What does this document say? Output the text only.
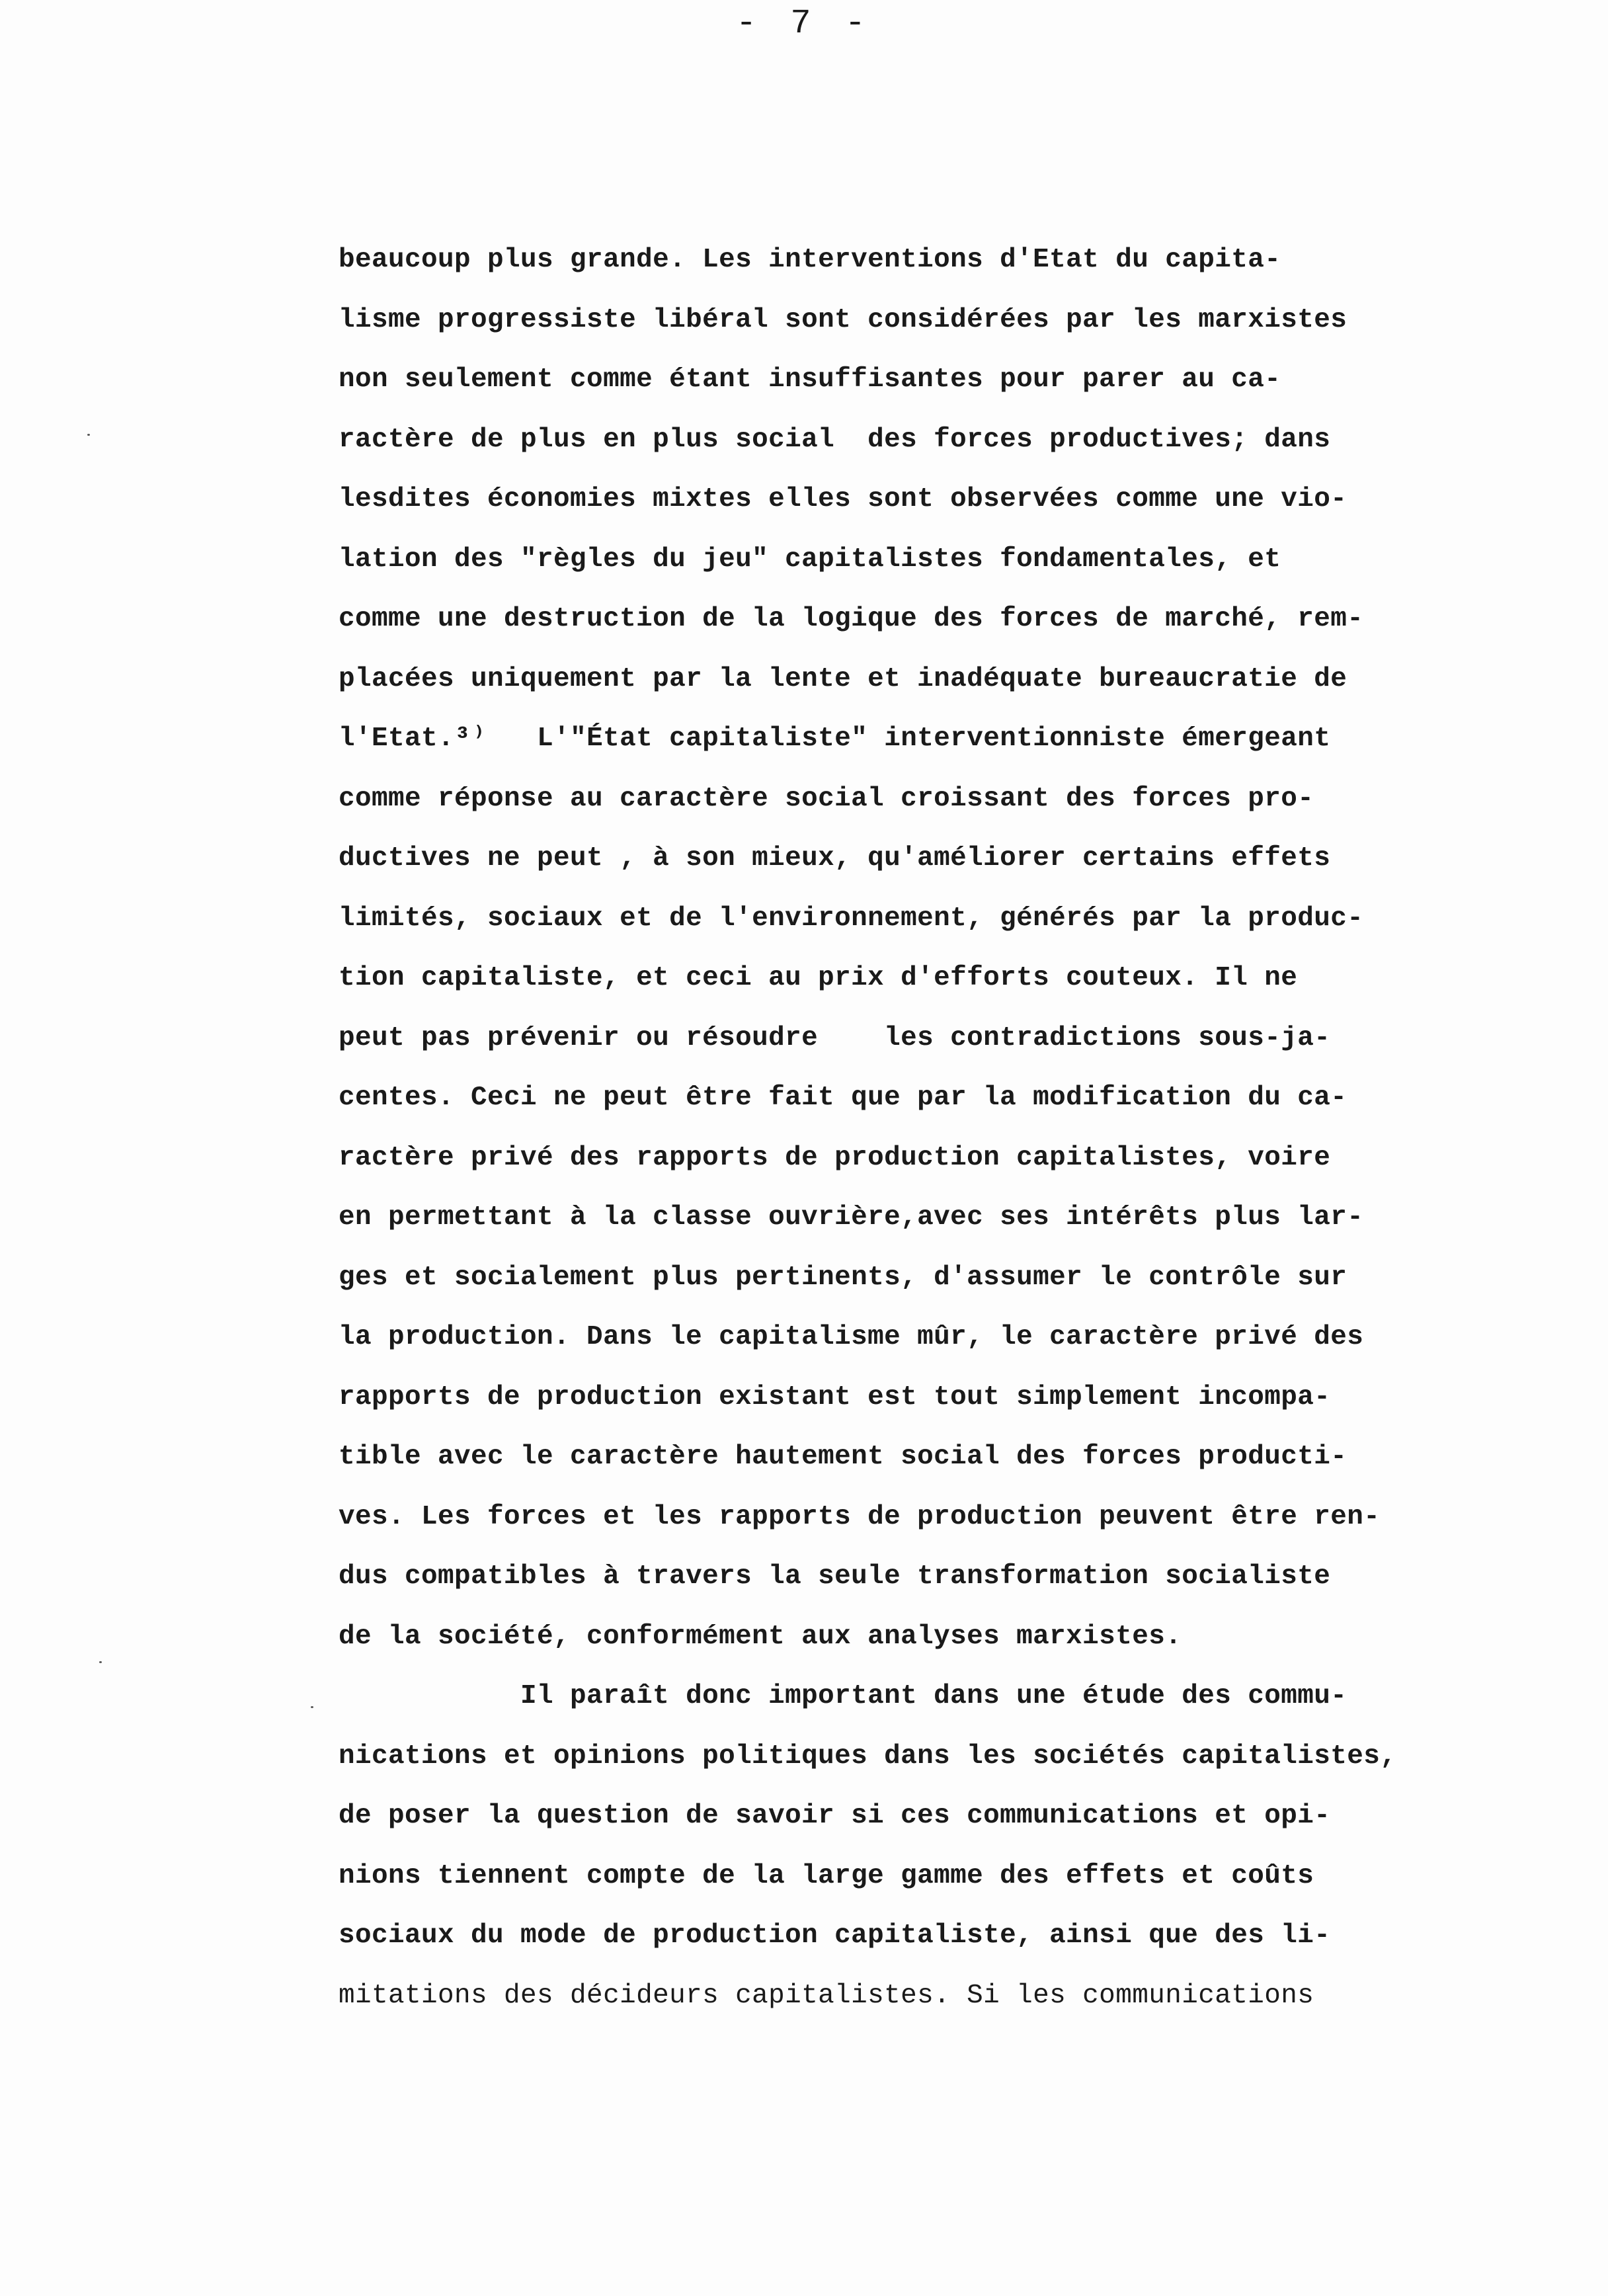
- 7 -
beaucoup plus grande. Les interventions d'Etat du capita-
lisme progressiste libéral sont considérées par les marxistes
non seulement comme étant insuffisantes pour parer au ca-
ractère de plus en plus social  des forces productives; dans
lesdites économies mixtes elles sont observées comme une vio-
lation des "règles du jeu" capitalistes fondamentales, et
comme une destruction de la logique des forces de marché, rem-
placées uniquement par la lente et inadéquate bureaucratie de
l'Etat.³⁾   L'"État capitaliste" interventionniste émergeant
comme réponse au caractère social croissant des forces pro-
ductives ne peut , à son mieux, qu'améliorer certains effets
limités, sociaux et de l'environnement, générés par la produc-
tion capitaliste, et ceci au prix d'efforts couteux. Il ne
peut pas prévenir ou résoudre    les contradictions sous-ja-
centes. Ceci ne peut être fait que par la modification du ca-
ractère privé des rapports de production capitalistes, voire
en permettant à la classe ouvrière,avec ses intérêts plus lar-
ges et socialement plus pertinents, d'assumer le contrôle sur
la production. Dans le capitalisme mûr, le caractère privé des
rapports de production existant est tout simplement incompa-
tible avec le caractère hautement social des forces producti-
ves. Les forces et les rapports de production peuvent être ren-
dus compatibles à travers la seule transformation socialiste
de la société, conformément aux analyses marxistes.
Il paraît donc important dans une étude des commu-
nications et opinions politiques dans les sociétés capitalistes,
de poser la question de savoir si ces communications et opi-
nions tiennent compte de la large gamme des effets et coûts
sociaux du mode de production capitaliste, ainsi que des li-
mitations des décideurs capitalistes. Si les communications
